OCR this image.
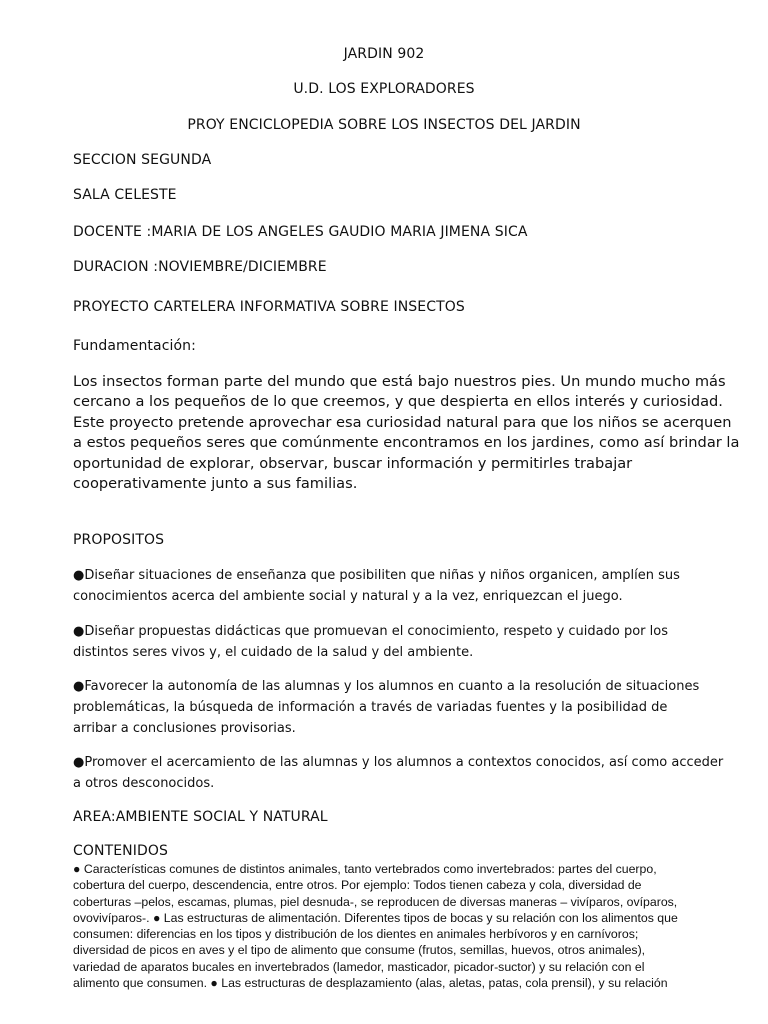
JARDIN 902
U.D. LOS EXPLORADORES
PROY ENCICLOPEDIA SOBRE LOS INSECTOS DEL JARDIN
SECCION SEGUNDA
SALA CELESTE
DOCENTE :MARIA DE LOS ANGELES GAUDIO MARIA JIMENA SICA
DURACION :NOVIEMBRE/DICIEMBRE
PROYECTO CARTELERA INFORMATIVA SOBRE INSECTOS
Fundamentación:
Los insectos forman parte del mundo que está bajo nuestros pies. Un mundo mucho más
cercano a los pequeños de lo que creemos, y que despierta en ellos interés y curiosidad.
Este proyecto pretende aprovechar esa curiosidad natural para que los niños se acerquen
a estos pequeños seres que comúnmente encontramos en los jardines, como así brindar la
oportunidad de explorar, observar, buscar información y permitirles trabajar
cooperativamente junto a sus familias.
PROPOSITOS
●Diseñar situaciones de enseñanza que posibiliten que niñas y niños organicen, amplíen sus
conocimientos acerca del ambiente social y natural y a la vez, enriquezcan el juego.
●Diseñar propuestas didácticas que promuevan el conocimiento, respeto y cuidado por los
distintos seres vivos y, el cuidado de la salud y del ambiente.
●Favorecer la autonomía de las alumnas y los alumnos en cuanto a la resolución de situaciones
problemáticas, la búsqueda de información a través de variadas fuentes y la posibilidad de
arribar a conclusiones provisorias.
●Promover el acercamiento de las alumnas y los alumnos a contextos conocidos, así como acceder
a otros desconocidos.
AREA:AMBIENTE SOCIAL Y NATURAL
CONTENIDOS
● Características comunes de distintos animales, tanto vertebrados como invertebrados: partes del cuerpo,
cobertura del cuerpo, descendencia, entre otros. Por ejemplo: Todos tienen cabeza y cola, diversidad de
coberturas –pelos, escamas, plumas, piel desnuda-, se reproducen de diversas maneras – vivíparos, ovíparos,
ovovivíparos-. ● Las estructuras de alimentación. Diferentes tipos de bocas y su relación con los alimentos que
consumen: diferencias en los tipos y distribución de los dientes en animales herbívoros y en carnívoros;
diversidad de picos en aves y el tipo de alimento que consume (frutos, semillas, huevos, otros animales),
variedad de aparatos bucales en invertebrados (lamedor, masticador, picador-suctor) y su relación con el
alimento que consumen. ● Las estructuras de desplazamiento (alas, aletas, patas, cola prensil), y su relación
